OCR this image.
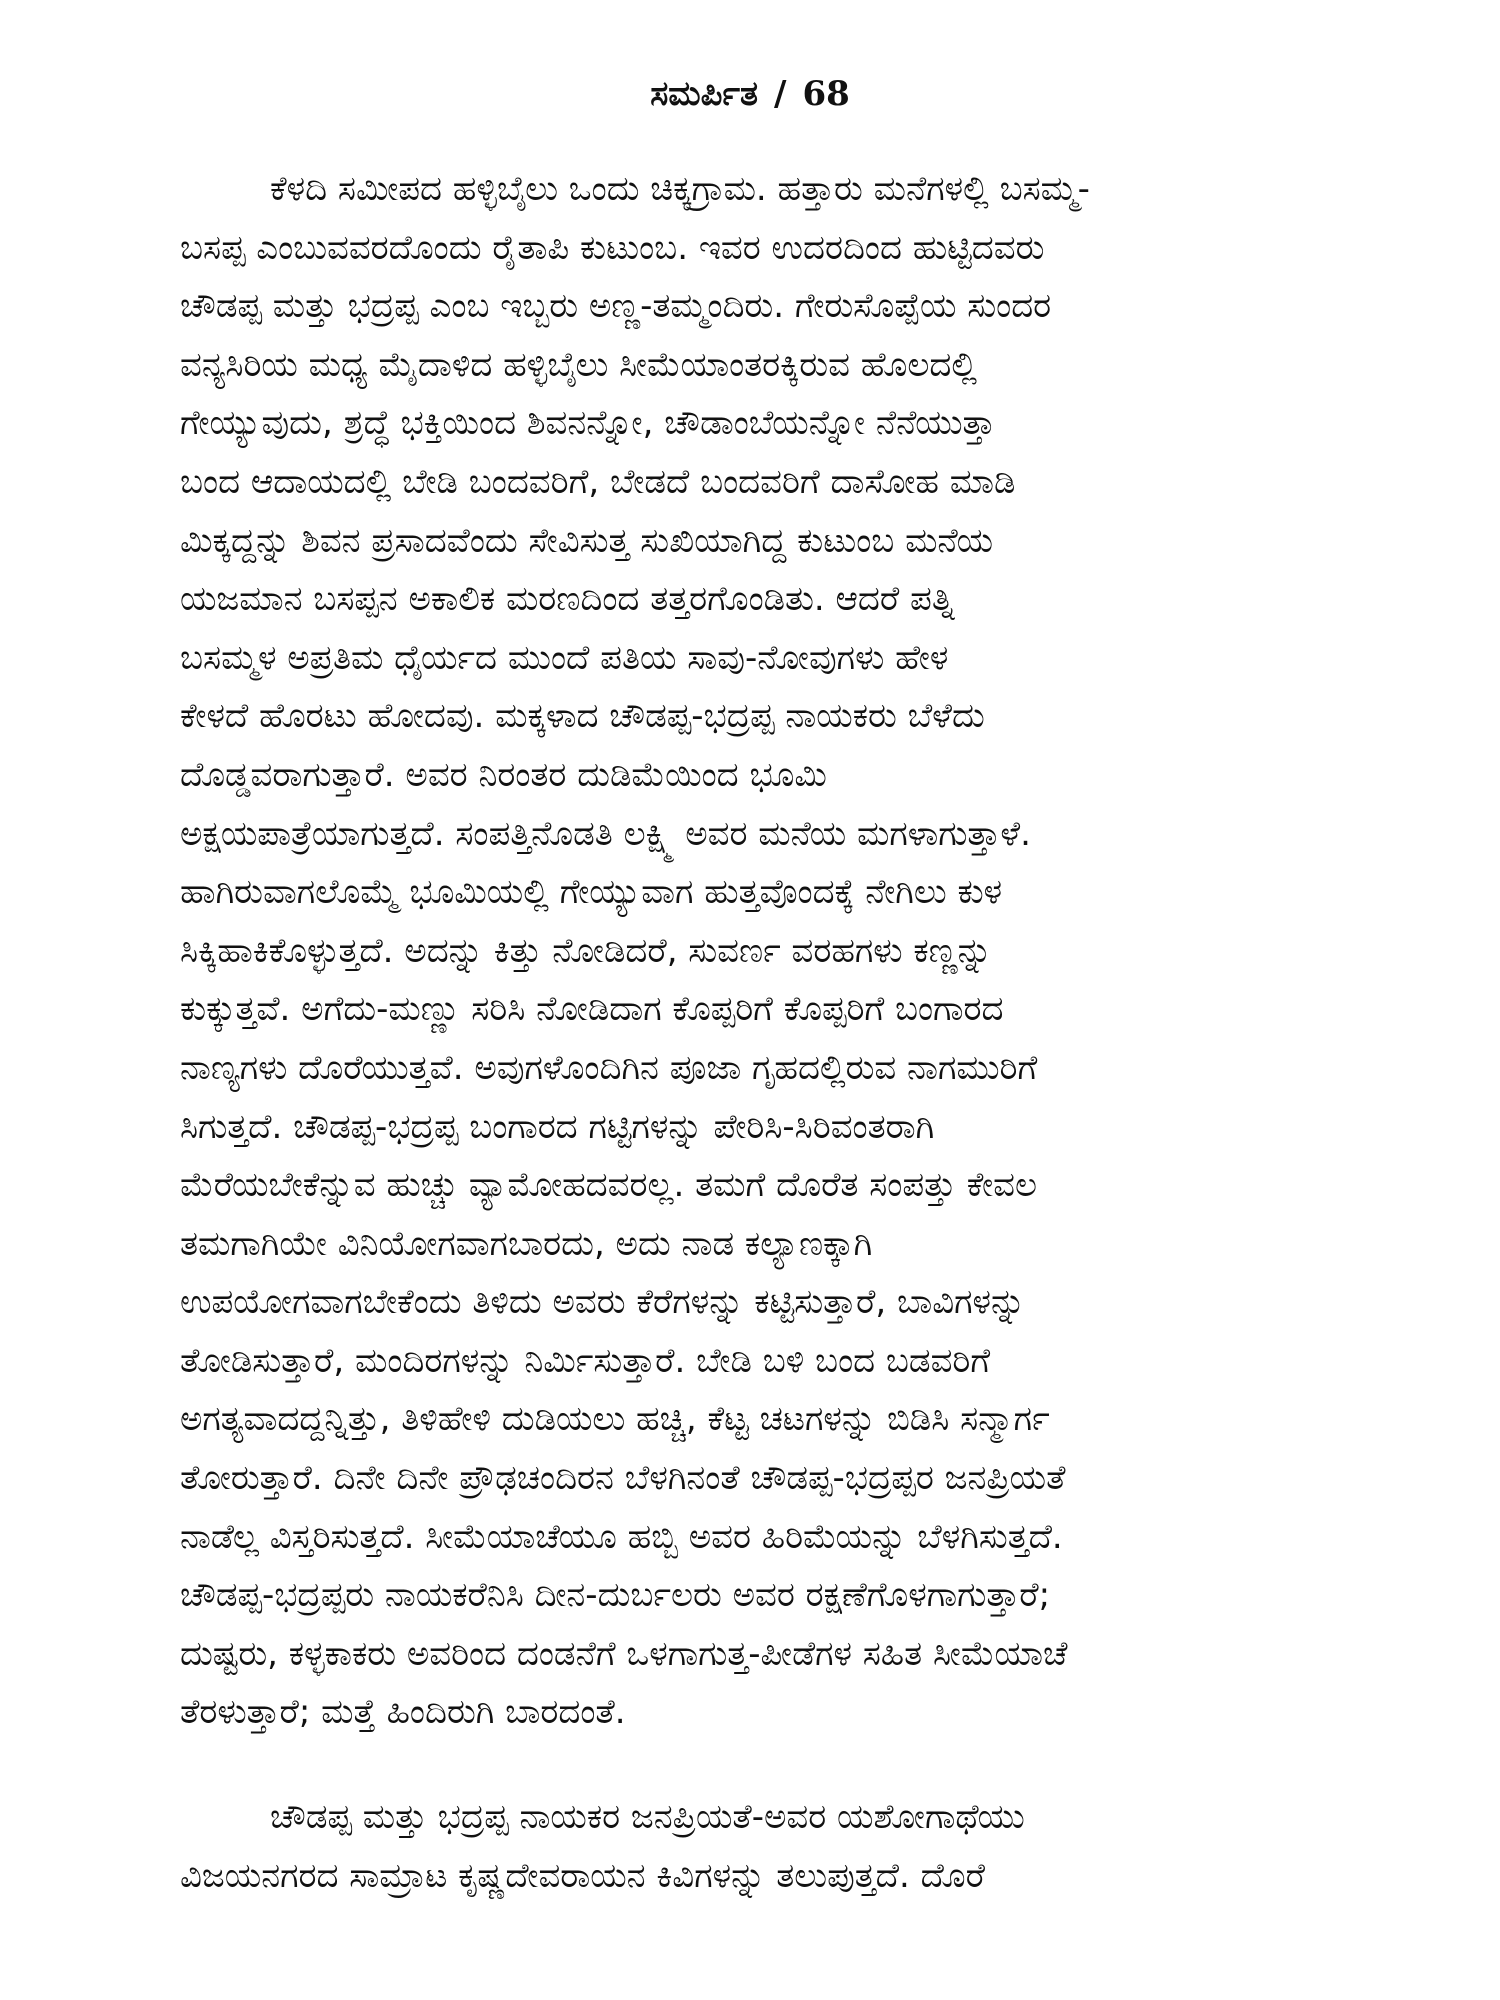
ಸಮರ್ಪಿತ / 68
ಕೆಳದಿ ಸಮೀಪದ ಹಳ್ಳಿಬೈಲು ಒಂದು ಚಿಕ್ಕಗ್ರಾಮ. ಹತ್ತಾರು ಮನೆಗಳಲ್ಲಿ ಬಸಮ್ಮ-
ಬಸಪ್ಪ ಎಂಬುವವರದೊಂದು ರೈತಾಪಿ ಕುಟುಂಬ. ಇವರ ಉದರದಿಂದ ಹುಟ್ಟಿದವರು
ಚೌಡಪ್ಪ ಮತ್ತು ಭದ್ರಪ್ಪ ಎಂಬ ಇಬ್ಬರು ಅಣ್ಣ-ತಮ್ಮಂದಿರು. ಗೇರುಸೊಪ್ಪೆಯ ಸುಂದರ
ವನ್ಯಸಿರಿಯ ಮಧ್ಯ ಮೈದಾಳಿದ ಹಳ್ಳಿಬೈಲು ಸೀಮೆಯಾಂತರಕ್ಕಿರುವ ಹೊಲದಲ್ಲಿ
ಗೇಯ್ಯುವುದು, ಶ್ರದ್ಧೆ ಭಕ್ತಿಯಿಂದ ಶಿವನನ್ನೋ, ಚೌಡಾಂಬೆಯನ್ನೋ ನೆನೆಯುತ್ತಾ
ಬಂದ ಆದಾಯದಲ್ಲಿ ಬೇಡಿ ಬಂದವರಿಗೆ, ಬೇಡದೆ ಬಂದವರಿಗೆ ದಾಸೋಹ ಮಾಡಿ
ಮಿಕ್ಕದ್ದನ್ನು ಶಿವನ ಪ್ರಸಾದವೆಂದು ಸೇವಿಸುತ್ತ ಸುಖಿಯಾಗಿದ್ದ ಕುಟುಂಬ ಮನೆಯ
ಯಜಮಾನ ಬಸಪ್ಪನ ಅಕಾಲಿಕ ಮರಣದಿಂದ ತತ್ತರಗೊಂಡಿತು. ಆದರೆ ಪತ್ನಿ
ಬಸಮ್ಮಳ ಅಪ್ರತಿಮ ಧೈರ್ಯದ ಮುಂದೆ ಪತಿಯ ಸಾವು-ನೋವುಗಳು ಹೇಳ
ಕೇಳದೆ ಹೊರಟು ಹೋದವು. ಮಕ್ಕಳಾದ ಚೌಡಪ್ಪ-ಭದ್ರಪ್ಪ ನಾಯಕರು ಬೆಳೆದು
ದೊಡ್ಡವರಾಗುತ್ತಾರೆ. ಅವರ ನಿರಂತರ ದುಡಿಮೆಯಿಂದ ಭೂಮಿ
ಅಕ್ಷಯಪಾತ್ರೆಯಾಗುತ್ತದೆ. ಸಂಪತ್ತಿನೊಡತಿ ಲಕ್ಷ್ಮಿ ಅವರ ಮನೆಯ ಮಗಳಾಗುತ್ತಾಳೆ.
ಹಾಗಿರುವಾಗಲೊಮ್ಮೆ ಭೂಮಿಯಲ್ಲಿ ಗೇಯ್ಯುವಾಗ ಹುತ್ತವೊಂದಕ್ಕೆ ನೇಗಿಲು ಕುಳ
ಸಿಕ್ಕಿಹಾಕಿಕೊಳ್ಳುತ್ತದೆ. ಅದನ್ನು ಕಿತ್ತು ನೋಡಿದರೆ, ಸುವರ್ಣ ವರಹಗಳು ಕಣ್ಣನ್ನು
ಕುಕ್ಕುತ್ತವೆ. ಅಗೆದು-ಮಣ್ಣು ಸರಿಸಿ ನೋಡಿದಾಗ ಕೊಪ್ಪರಿಗೆ ಕೊಪ್ಪರಿಗೆ ಬಂಗಾರದ
ನಾಣ್ಯಗಳು ದೊರೆಯುತ್ತವೆ. ಅವುಗಳೊಂದಿಗಿನ ಪೂಜಾ ಗೃಹದಲ್ಲಿರುವ ನಾಗಮುರಿಗೆ
ಸಿಗುತ್ತದೆ. ಚೌಡಪ್ಪ-ಭದ್ರಪ್ಪ ಬಂಗಾರದ ಗಟ್ಟಿಗಳನ್ನು ಪೇರಿಸಿ-ಸಿರಿವಂತರಾಗಿ
ಮೆರೆಯಬೇಕೆನ್ನುವ ಹುಚ್ಚು ವ್ಯಾಮೋಹದವರಲ್ಲ. ತಮಗೆ ದೊರೆತ ಸಂಪತ್ತು ಕೇವಲ
ತಮಗಾಗಿಯೇ ವಿನಿಯೋಗವಾಗಬಾರದು, ಅದು ನಾಡ ಕಲ್ಯಾಣಕ್ಕಾಗಿ
ಉಪಯೋಗವಾಗಬೇಕೆಂದು ತಿಳಿದು ಅವರು ಕೆರೆಗಳನ್ನು ಕಟ್ಟಿಸುತ್ತಾರೆ, ಬಾವಿಗಳನ್ನು
ತೋಡಿಸುತ್ತಾರೆ, ಮಂದಿರಗಳನ್ನು ನಿರ್ಮಿಸುತ್ತಾರೆ. ಬೇಡಿ ಬಳಿ ಬಂದ ಬಡವರಿಗೆ
ಅಗತ್ಯವಾದದ್ದನ್ನಿತ್ತು, ತಿಳಿಹೇಳಿ ದುಡಿಯಲು ಹಚ್ಚಿ, ಕೆಟ್ಟ ಚಟಗಳನ್ನು ಬಿಡಿಸಿ ಸನ್ಮಾರ್ಗ
ತೋರುತ್ತಾರೆ. ದಿನೇ ದಿನೇ ಪ್ರೌಢಚಂದಿರನ ಬೆಳಗಿನಂತೆ ಚೌಡಪ್ಪ-ಭದ್ರಪ್ಪರ ಜನಪ್ರಿಯತೆ
ನಾಡೆಲ್ಲ ವಿಸ್ತರಿಸುತ್ತದೆ. ಸೀಮೆಯಾಚೆಯೂ ಹಬ್ಬಿ ಅವರ ಹಿರಿಮೆಯನ್ನು ಬೆಳಗಿಸುತ್ತದೆ.
ಚೌಡಪ್ಪ-ಭದ್ರಪ್ಪರು ನಾಯಕರೆನಿಸಿ ದೀನ-ದುರ್ಬಲರು ಅವರ ರಕ್ಷಣೆಗೊಳಗಾಗುತ್ತಾರೆ;
ದುಷ್ಟರು, ಕಳ್ಳಕಾಕರು ಅವರಿಂದ ದಂಡನೆಗೆ ಒಳಗಾಗುತ್ತ-ಪೀಡೆಗಳ ಸಹಿತ ಸೀಮೆಯಾಚೆ
ತೆರಳುತ್ತಾರೆ; ಮತ್ತೆ ಹಿಂದಿರುಗಿ ಬಾರದಂತೆ.
ಚೌಡಪ್ಪ ಮತ್ತು ಭದ್ರಪ್ಪ ನಾಯಕರ ಜನಪ್ರಿಯತೆ-ಅವರ ಯಶೋಗಾಥೆಯು
ವಿಜಯನಗರದ ಸಾಮ್ರಾಟ ಕೃಷ್ಣದೇವರಾಯನ ಕಿವಿಗಳನ್ನು ತಲುಪುತ್ತದೆ. ದೊರೆ
